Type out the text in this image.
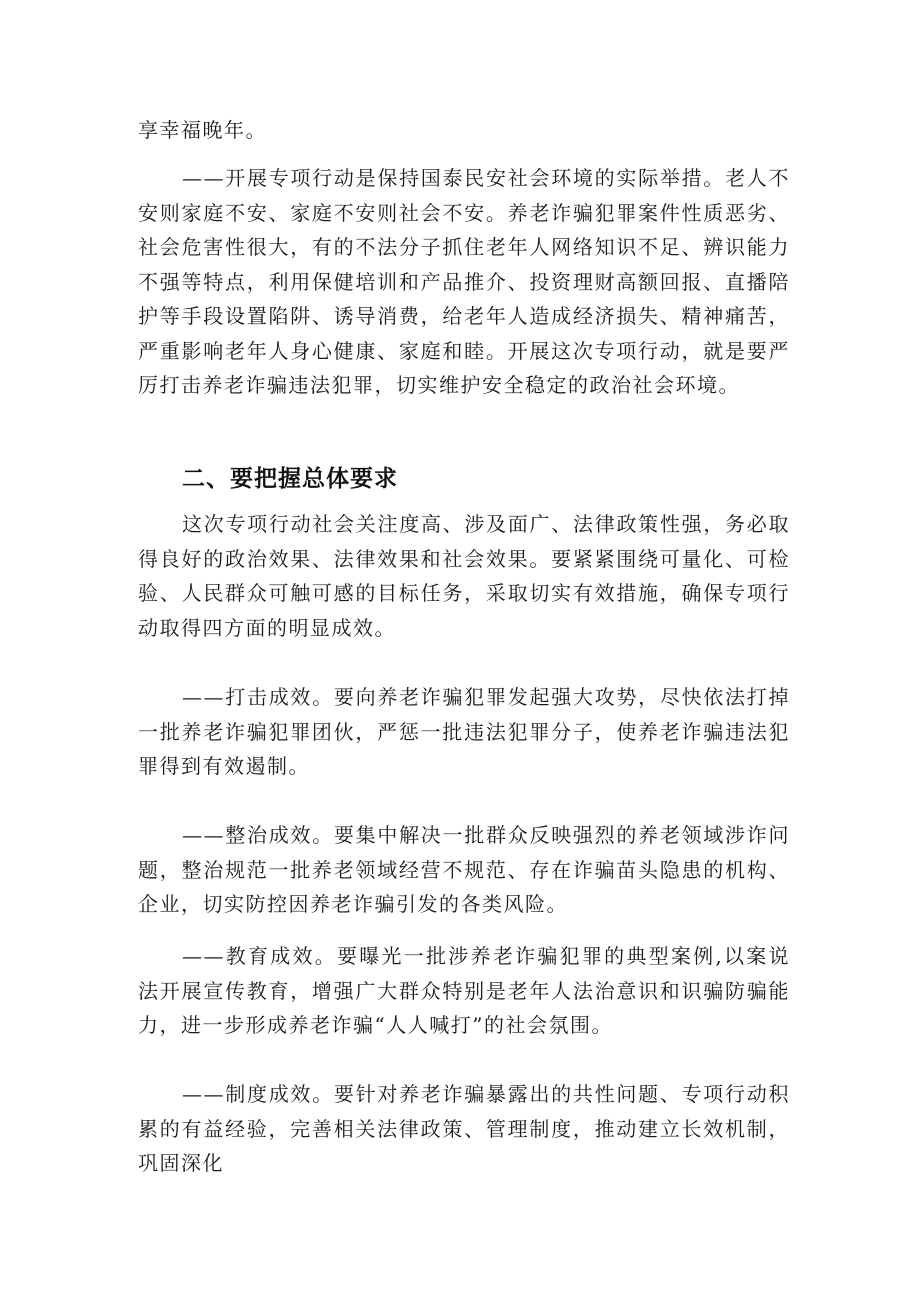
享幸福晚年。

——开展专项行动是保持国泰民安社会环境的实际举措。老人不安则家庭不安、家庭不安则社会不安。养老诈骗犯罪案件性质恶劣、社会危害性很大，有的不法分子抓住老年人网络知识不足、辨识能力不强等特点，利用保健培训和产品推介、投资理财高额回报、直播陪护等手段设置陷阱、诱导消费，给老年人造成经济损失、精神痛苦，严重影响老年人身心健康、家庭和睦。开展这次专项行动，就是要严厉打击养老诈骗违法犯罪，切实维护安全稳定的政治社会环境。

二、要把握总体要求

这次专项行动社会关注度高、涉及面广、法律政策性强，务必取得良好的政治效果、法律效果和社会效果。要紧紧围绕可量化、可检验、人民群众可触可感的目标任务，采取切实有效措施，确保专项行动取得四方面的明显成效。

——打击成效。要向养老诈骗犯罪发起强大攻势，尽快依法打掉一批养老诈骗犯罪团伙，严惩一批违法犯罪分子，使养老诈骗违法犯罪得到有效遏制。

——整治成效。要集中解决一批群众反映强烈的养老领域涉诈问题，整治规范一批养老领域经营不规范、存在诈骗苗头隐患的机构、企业，切实防控因养老诈骗引发的各类风险。

——教育成效。要曝光一批涉养老诈骗犯罪的典型案例,以案说法开展宣传教育，增强广大群众特别是老年人法治意识和识骗防骗能力，进一步形成养老诈骗“人人喊打”的社会氛围。

——制度成效。要针对养老诈骗暴露出的共性问题、专项行动积累的有益经验，完善相关法律政策、管理制度，推动建立长效机制，巩固深化
